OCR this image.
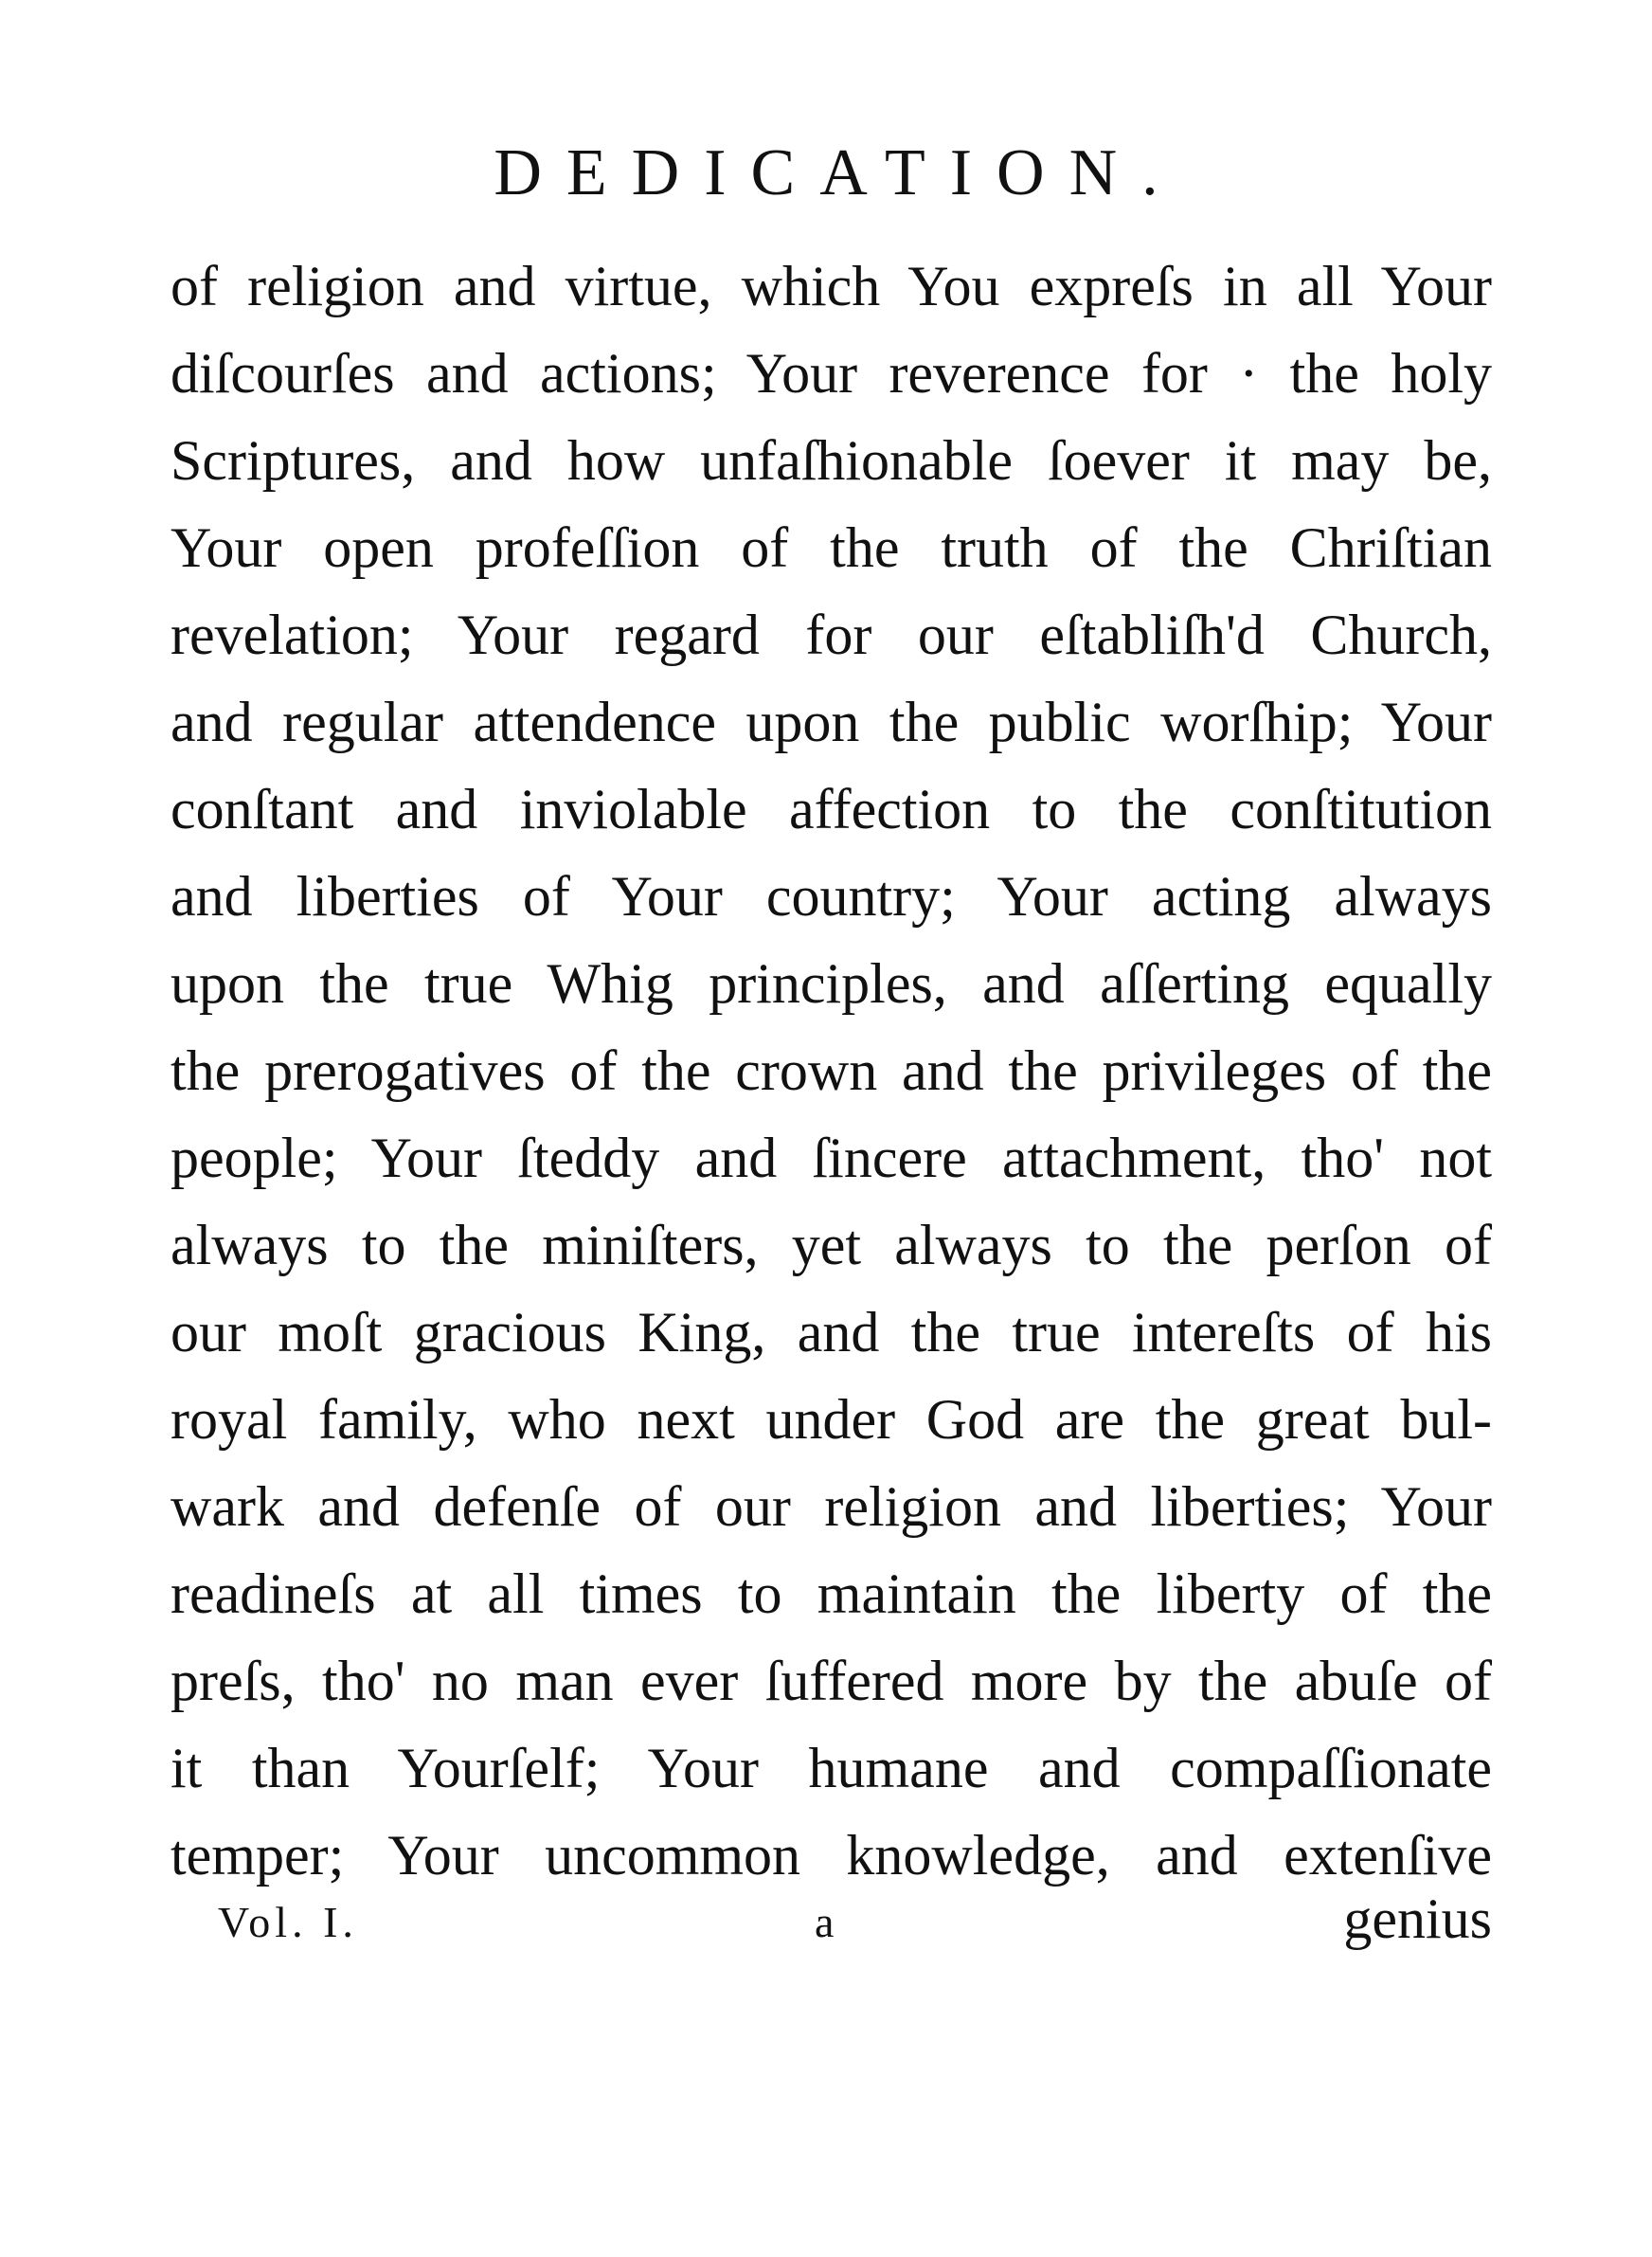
DEDICATION.
of religion and virtue, which You expreſs in all Your
diſcourſes and actions; Your reverence for · the holy
Scriptures, and how unfaſhionable ſoever it may be,
Your open profeſſion of the truth of the Chriſtian
revelation; Your regard for our eſtabliſh'd Church,
and regular attendence upon the public worſhip; Your
conſtant and inviolable affection to the conſtitution
and liberties of Your country; Your acting always
upon the true Whig principles, and aſſerting equally
the prerogatives of the crown and the privileges of the
people; Your ſteddy and ſincere attachment, tho' not
always to the miniſters, yet always to the perſon of
our moſt gracious King, and the true intereſts of his
royal family, who next under God are the great bul-
wark and defenſe of our religion and liberties; Your
readineſs at all times to maintain the liberty of the
preſs, tho' no man ever ſuffered more by the abuſe of
it than Yourſelf; Your humane and compaſſionate
temper; Your uncommon knowledge, and extenſive
Vol. I.	a	genius
